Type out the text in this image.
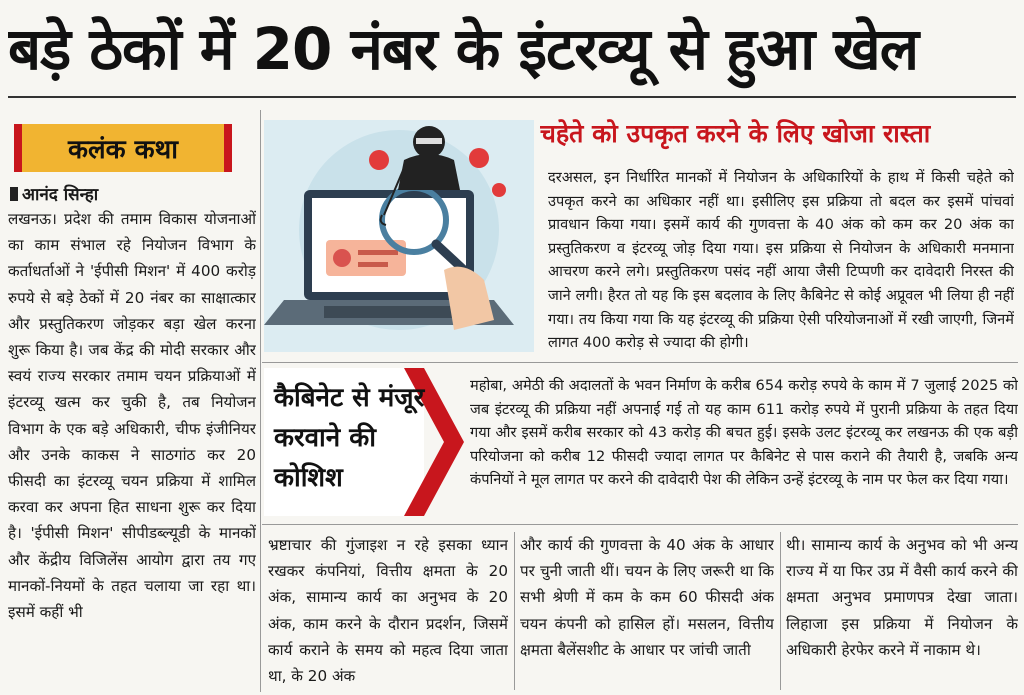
बड़े ठेकों में 20 नंबर के इंटरव्यू से हुआ खेल
कलंक कथा
आनंद सिन्हा
लखनऊ। प्रदेश की तमाम विकास योजनाओं का काम संभाल रहे नियोजन विभाग के कर्ताधर्ताओं ने 'ईपीसी मिशन' में 400 करोड़ रुपये से बड़े ठेकों में 20 नंबर का साक्षात्कार और प्रस्तुतिकरण जोड़कर बड़ा खेल करना शुरू किया है। जब केंद्र की मोदी सरकार और स्वयं राज्य सरकार तमाम चयन प्रक्रियाओं में इंटरव्यू खत्म कर चुकी है, तब नियोजन विभाग के एक बड़े अधिकारी, चीफ इंजीनियर और उनके काकस ने साठगांठ कर 20 फीसदी का इंटरव्यू चयन प्रक्रिया में शामिल करवा कर अपना हित साधना शुरू कर दिया है। 'ईपीसी मिशन' सीपीडब्ल्यूडी के मानकों और केंद्रीय विजिलेंस आयोग द्वारा तय गए मानकों-नियमों के तहत चलाया जा रहा था। इसमें कहीं भी
चहेते को उपकृत करने के लिए खोजा रास्ता
दरअसल, इन निर्धारित मानकों में नियोजन के अधिकारियों के हाथ में किसी चहेते को उपकृत करने का अधिकार नहीं था। इसीलिए इस प्रक्रिया तो बदल कर इसमें पांचवां प्रावधान किया गया। इसमें कार्य की गुणवत्ता के 40 अंक को कम कर 20 अंक का प्रस्तुतिकरण व इंटरव्यू जोड़ दिया गया। इस प्रक्रिया से नियोजन के अधिकारी मनमाना आचरण करने लगे। प्रस्तुतिकरण पसंद नहीं आया जैसी टिप्पणी कर दावेदारी निरस्त की जाने लगी। हैरत तो यह कि इस बदलाव के लिए कैबिनेट से कोई अप्रूवल भी लिया ही नहीं गया। तय किया गया कि यह इंटरव्यू की प्रक्रिया ऐसी परियोजनाओं में रखी जाएगी, जिनमें लागत 400 करोड़ से ज्यादा की होगी।
कैबिनेट से मंजूर करवाने की कोशिश
महोबा, अमेठी की अदालतों के भवन निर्माण के करीब 654 करोड़ रुपये के काम में 7 जुलाई 2025 को जब इंटरव्यू की प्रक्रिया नहीं अपनाई गई तो यह काम 611 करोड़ रुपये में पुरानी प्रक्रिया के तहत दिया गया और इसमें करीब सरकार को 43 करोड़ की बचत हुई। इसके उलट इंटरव्यू कर लखनऊ की एक बड़ी परियोजना को करीब 12 फीसदी ज्यादा लागत पर कैबिनेट से पास कराने की तैयारी है, जबकि अन्य कंपनियों ने मूल लागत पर करने की दावेदारी पेश की लेकिन उन्हें इंटरव्यू के नाम पर फेल कर दिया गया।
भ्रष्टाचार की गुंजाइश न रहे इसका ध्यान रखकर कंपनियां, वित्तीय क्षमता के 20 अंक, सामान्य कार्य का अनुभव के 20 अंक, काम करने के दौरान प्रदर्शन, जिसमें कार्य कराने के समय को महत्व दिया जाता था, के 20 अंक
और कार्य की गुणवत्ता के 40 अंक के आधार पर चुनी जाती थीं। चयन के लिए जरूरी था कि सभी श्रेणी में कम के कम 60 फीसदी अंक चयन कंपनी को हासिल हों। मसलन, वित्तीय क्षमता बैलेंसशीट के आधार पर जांची जाती
थी। सामान्य कार्य के अनुभव को भी अन्य राज्य में या फिर उप्र में वैसी कार्य करने की क्षमता अनुभव प्रमाणपत्र देखा जाता। लिहाजा इस प्रक्रिया में नियोजन के अधिकारी हेरफेर करने में नाकाम थे।
